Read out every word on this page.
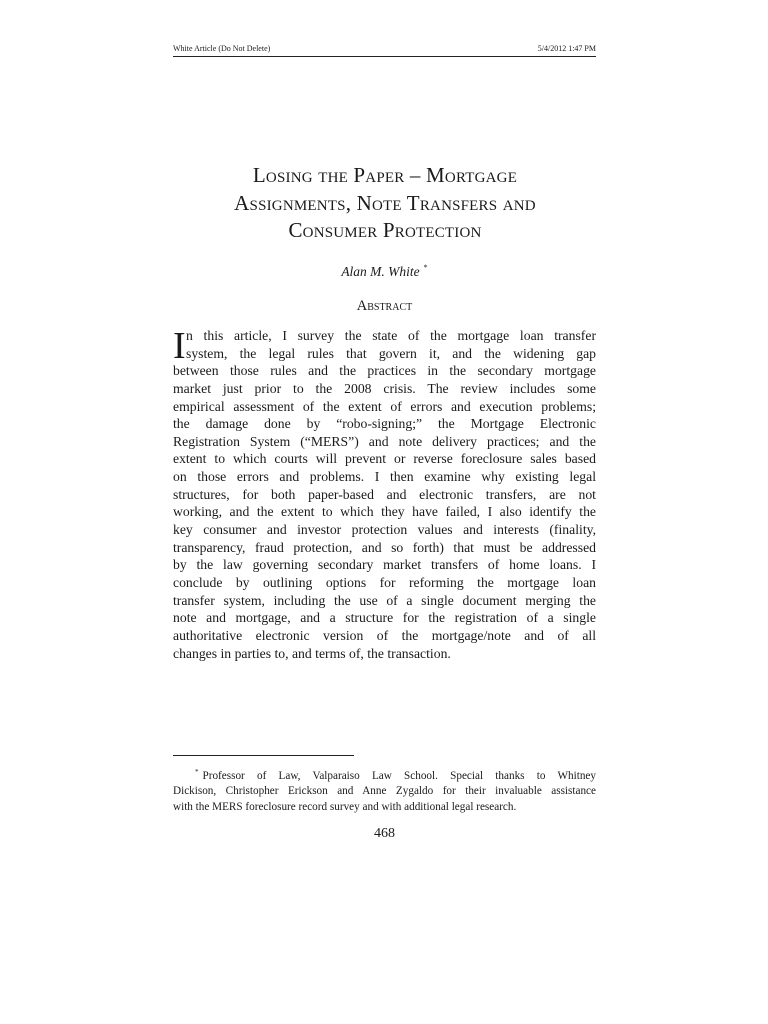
White Article (Do Not Delete)	5/4/2012 1:47 PM
Losing the Paper – Mortgage
Assignments, Note Transfers and
Consumer Protection
Alan M. White *
Abstract
I n this article, I survey the state of the mortgage loan transfer
system, the legal rules that govern it, and the widening gap
between those rules and the practices in the secondary mortgage
market just prior to the 2008 crisis. The review includes some
empirical assessment of the extent of errors and execution problems;
the damage done by “robo-signing;” the Mortgage Electronic
Registration System (“MERS”) and note delivery practices; and the
extent to which courts will prevent or reverse foreclosure sales based
on those errors and problems. I then examine why existing legal
structures, for both paper-based and electronic transfers, are not
working, and the extent to which they have failed, I also identify the
key consumer and investor protection values and interests (finality,
transparency, fraud protection, and so forth) that must be addressed
by the law governing secondary market transfers of home loans. I
conclude by outlining options for reforming the mortgage loan
transfer system, including the use of a single document merging the
note and mortgage, and a structure for the registration of a single
authoritative electronic version of the mortgage/note and of all
changes in parties to, and terms of, the transaction.
* Professor of Law, Valparaiso Law School. Special thanks to Whitney
Dickison, Christopher Erickson and Anne Zygaldo for their invaluable assistance
with the MERS foreclosure record survey and with additional legal research.
468
